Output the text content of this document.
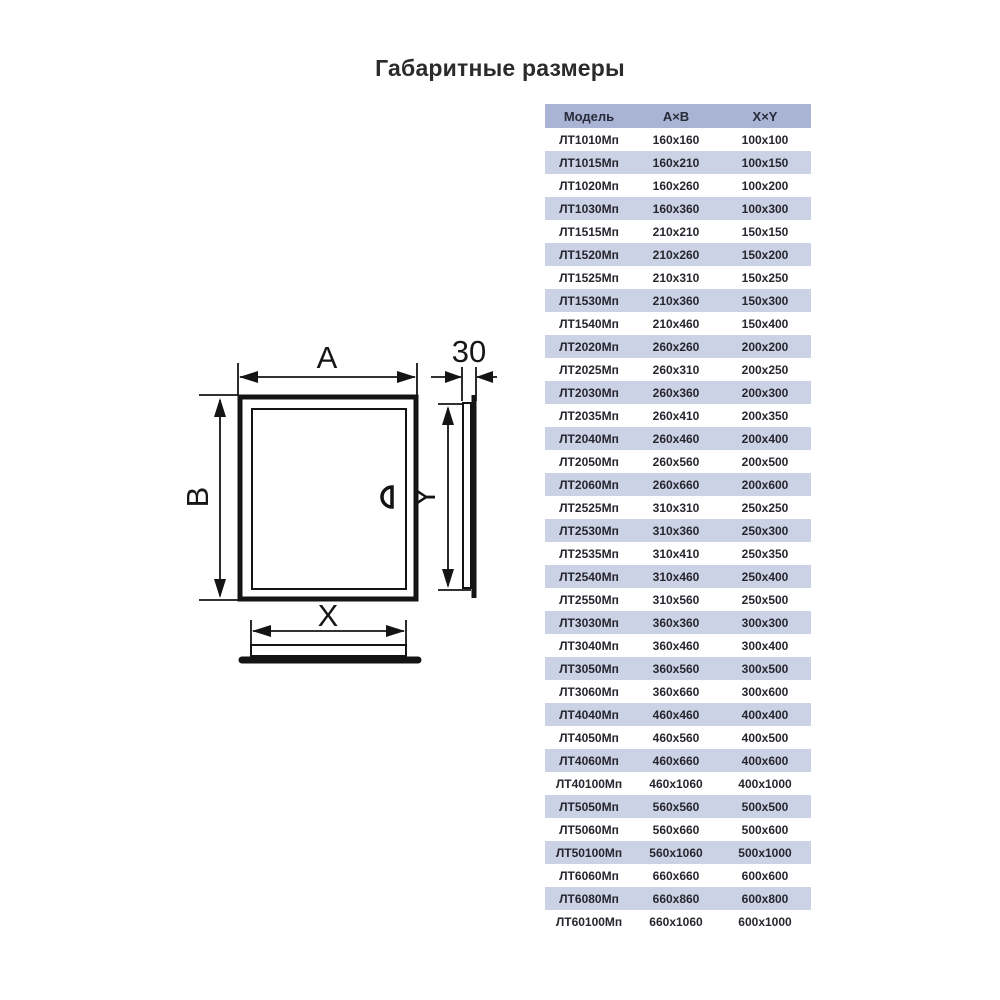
Габаритные размеры
A
B
30
Y
X
Модель	А×В	X×Y
ЛТ1010Мп	160x160	100x100
ЛТ1015Мп	160x210	100x150
ЛТ1020Мп	160x260	100x200
ЛТ1030Мп	160x360	100x300
ЛТ1515Мп	210x210	150x150
ЛТ1520Мп	210x260	150x200
ЛТ1525Мп	210x310	150x250
ЛТ1530Мп	210x360	150x300
ЛТ1540Мп	210x460	150x400
ЛТ2020Мп	260x260	200x200
ЛТ2025Мп	260x310	200x250
ЛТ2030Мп	260x360	200x300
ЛТ2035Мп	260x410	200x350
ЛТ2040Мп	260x460	200x400
ЛТ2050Мп	260x560	200x500
ЛТ2060Мп	260x660	200x600
ЛТ2525Мп	310x310	250x250
ЛТ2530Мп	310x360	250x300
ЛТ2535Мп	310x410	250x350
ЛТ2540Мп	310x460	250x400
ЛТ2550Мп	310x560	250x500
ЛТ3030Мп	360x360	300x300
ЛТ3040Мп	360x460	300x400
ЛТ3050Мп	360x560	300x500
ЛТ3060Мп	360x660	300x600
ЛТ4040Мп	460x460	400x400
ЛТ4050Мп	460x560	400x500
ЛТ4060Мп	460x660	400x600
ЛТ40100Мп	460x1060	400x1000
ЛТ5050Мп	560x560	500x500
ЛТ5060Мп	560x660	500x600
ЛТ50100Мп	560x1060	500x1000
ЛТ6060Мп	660x660	600x600
ЛТ6080Мп	660x860	600x800
ЛТ60100Мп	660x1060	600x1000
